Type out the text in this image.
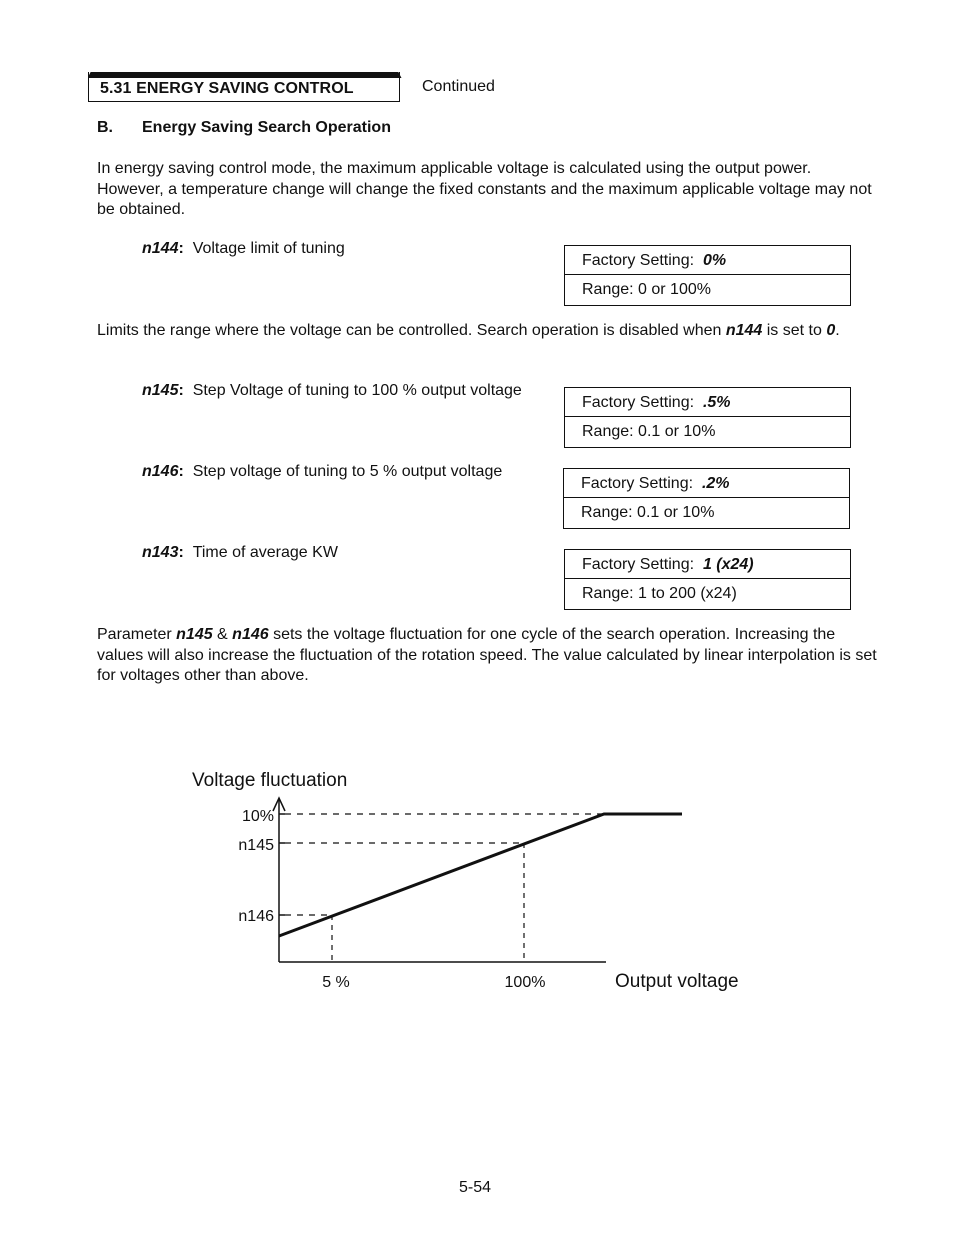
5.31 ENERGY SAVING CONTROL	Continued
B. Energy Saving Search Operation
In energy saving control mode, the maximum applicable voltage is calculated using the output power. However, a temperature change will change the fixed constants and the maximum applicable voltage may not be obtained.
n144: Voltage limit of tuning
Factory Setting: 0%
Range: 0 or 100%
Limits the range where the voltage can be controlled. Search operation is disabled when n144 is set to 0.
n145: Step Voltage of tuning to 100 % output voltage
Factory Setting: .5%
Range: 0.1 or 10%
n146: Step voltage of tuning to 5 % output voltage
Factory Setting: .2%
Range: 0.1 or 10%
n143: Time of average KW
Factory Setting: 1 (x24)
Range: 1 to 200 (x24)
Parameter n145 & n146 sets the voltage fluctuation for one cycle of the search operation. Increasing the values will also increase the fluctuation of the rotation speed. The value calculated by linear interpolation is set for voltages other than above.
Voltage fluctuation
10%
n145
n146
5 %	100%	Output voltage
5-54
